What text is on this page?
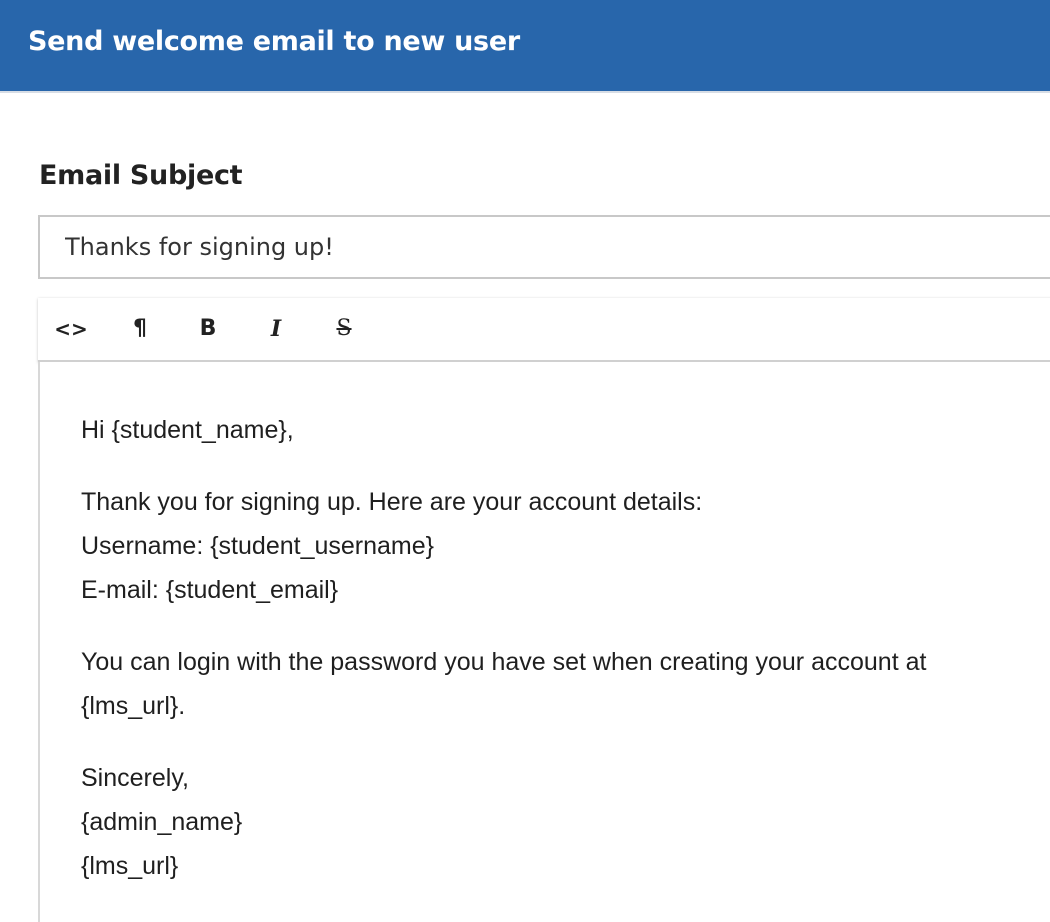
Send welcome email to new user
Email Subject
Thanks for signing up!
<> ¶ B I	S

Hi {student_name},

Thank you for signing up. Here are your account details:
Username: {student_username}
E-mail: {student_email}

You can login with the password you have set when creating your account at
{lms_url}.

Sincerely,
{admin_name}
{lms_url}
